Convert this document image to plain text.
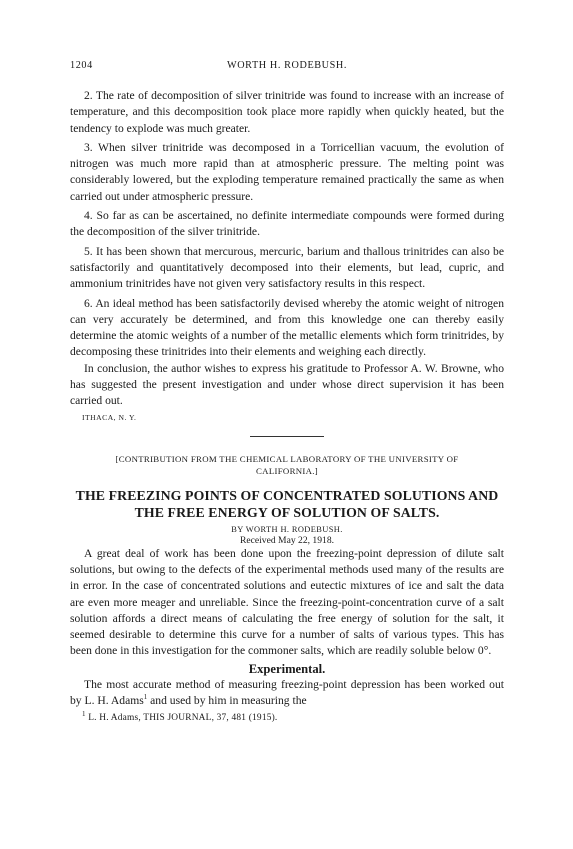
1204	WORTH H. RODEBUSH.

2. The rate of decomposition of silver trinitride was found to increase with an increase of temperature, and this decomposition took place more rapidly when quickly heated, but the tendency to explode was much greater.

3. When silver trinitride was decomposed in a Torricellian vacuum, the evolution of nitrogen was much more rapid than at atmospheric pressure. The melting point was considerably lowered, but the exploding temperature remained practically the same as when carried out under atmospheric pressure.

4. So far as can be ascertained, no definite intermediate compounds were formed during the decomposition of the silver trinitride.

5. It has been shown that mercurous, mercuric, barium and thallous trinitrides can also be satisfactorily and quantitatively decomposed into their elements, but lead, cupric, and ammonium trinitrides have not given very satisfactory results in this respect.

6. An ideal method has been satisfactorily devised whereby the atomic weight of nitrogen can very accurately be determined, and from this knowledge one can thereby easily determine the atomic weights of a number of the metallic elements which form trinitrides, by decomposing these trinitrides into their elements and weighing each directly.

In conclusion, the author wishes to express his gratitude to Professor A. W. Browne, who has suggested the present investigation and under whose direct supervision it has been carried out.

ITHACA, N. Y.
[CONTRIBUTION FROM THE CHEMICAL LABORATORY OF THE UNIVERSITY OF CALIFORNIA.]
THE FREEZING POINTS OF CONCENTRATED SOLUTIONS AND
THE FREE ENERGY OF SOLUTION OF SALTS.
BY WORTH H. RODEBUSH.
Received May 22, 1918.

A great deal of work has been done upon the freezing-point depression of dilute salt solutions, but owing to the defects of the experimental methods used many of the results are in error. In the case of concentrated solutions and eutectic mixtures of ice and salt the data are even more meager and unreliable. Since the freezing-point-concentration curve of a salt solution affords a direct means of calculating the free energy of solution for the salt, it seemed desirable to determine this curve for a number of salts of various types. This has been done in this investigation for the commoner salts, which are readily soluble below 0°.

Experimental.

The most accurate method of measuring freezing-point depression has been worked out by L. H. Adams$^1$ and used by him in measuring the

$^1$ L. H. Adams, THIS JOURNAL, 37, 481 (1915).
